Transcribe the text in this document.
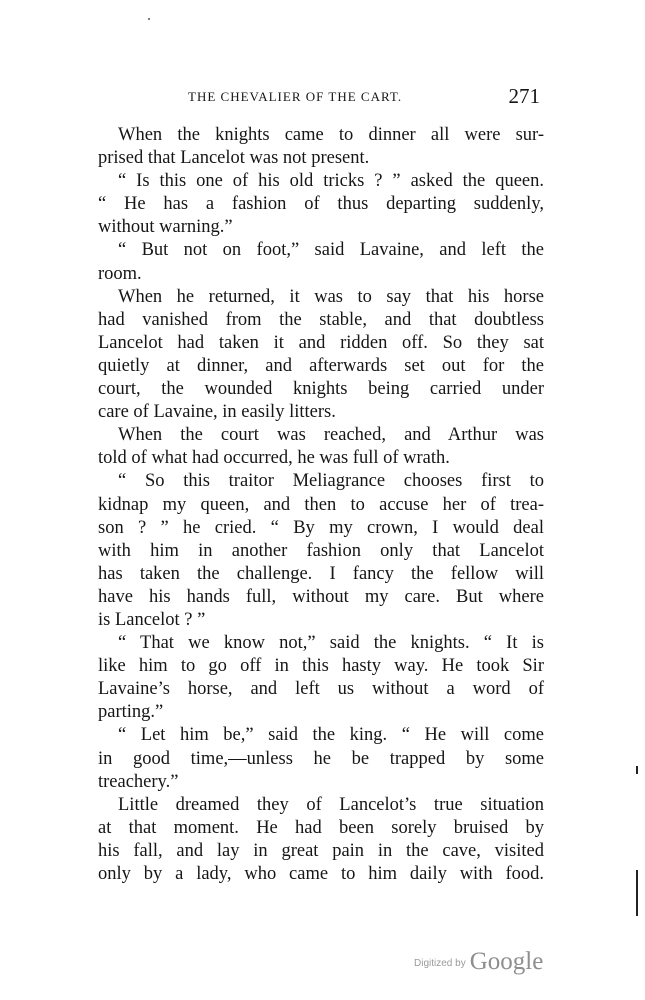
THE CHEVALIER OF THE CART.	271
When the knights came to dinner all were sur-
prised that Lancelot was not present.
“ Is this one of his old tricks ? ” asked the queen.
“ He has a fashion of thus departing suddenly,
without warning.”
“ But not on foot,” said Lavaine, and left the
room.
When he returned, it was to say that his horse
had vanished from the stable, and that doubtless
Lancelot had taken it and ridden off. So they sat
quietly at dinner, and afterwards set out for the
court, the wounded knights being carried under
care of Lavaine, in easily litters.
When the court was reached, and Arthur was
told of what had occurred, he was full of wrath.
“ So this traitor Meliagrance chooses first to
kidnap my queen, and then to accuse her of trea-
son ? ” he cried. “ By my crown, I would deal
with him in another fashion only that Lancelot
has taken the challenge. I fancy the fellow will
have his hands full, without my care. But where
is Lancelot ? ”
“ That we know not,” said the knights. “ It is
like him to go off in this hasty way. He took Sir
Lavaine’s horse, and left us without a word of
parting.”
“ Let him be,” said the king. “ He will come
in good time,—unless he be trapped by some
treachery.”
Little dreamed they of Lancelot’s true situation
at that moment. He had been sorely bruised by
his fall, and lay in great pain in the cave, visited
only by a lady, who came to him daily with food.
Digitized by Google
